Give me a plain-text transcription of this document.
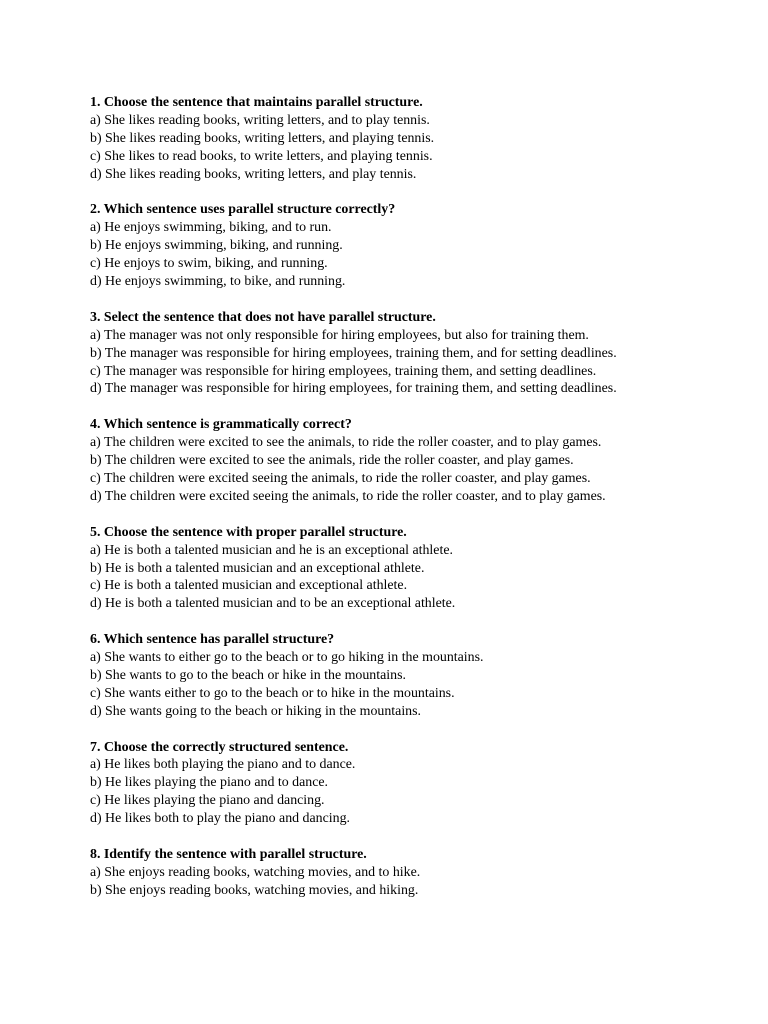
1. Choose the sentence that maintains parallel structure.
a) She likes reading books, writing letters, and to play tennis.
b) She likes reading books, writing letters, and playing tennis.
c) She likes to read books, to write letters, and playing tennis.
d) She likes reading books, writing letters, and play tennis.
2. Which sentence uses parallel structure correctly?
a) He enjoys swimming, biking, and to run.
b) He enjoys swimming, biking, and running.
c) He enjoys to swim, biking, and running.
d) He enjoys swimming, to bike, and running.
3. Select the sentence that does not have parallel structure.
a) The manager was not only responsible for hiring employees, but also for training them.
b) The manager was responsible for hiring employees, training them, and for setting deadlines.
c) The manager was responsible for hiring employees, training them, and setting deadlines.
d) The manager was responsible for hiring employees, for training them, and setting deadlines.
4. Which sentence is grammatically correct?
a) The children were excited to see the animals, to ride the roller coaster, and to play games.
b) The children were excited to see the animals, ride the roller coaster, and play games.
c) The children were excited seeing the animals, to ride the roller coaster, and play games.
d) The children were excited seeing the animals, to ride the roller coaster, and to play games.
5. Choose the sentence with proper parallel structure.
a) He is both a talented musician and he is an exceptional athlete.
b) He is both a talented musician and an exceptional athlete.
c) He is both a talented musician and exceptional athlete.
d) He is both a talented musician and to be an exceptional athlete.
6. Which sentence has parallel structure?
a) She wants to either go to the beach or to go hiking in the mountains.
b) She wants to go to the beach or hike in the mountains.
c) She wants either to go to the beach or to hike in the mountains.
d) She wants going to the beach or hiking in the mountains.
7. Choose the correctly structured sentence.
a) He likes both playing the piano and to dance.
b) He likes playing the piano and to dance.
c) He likes playing the piano and dancing.
d) He likes both to play the piano and dancing.
8. Identify the sentence with parallel structure.
a) She enjoys reading books, watching movies, and to hike.
b) She enjoys reading books, watching movies, and hiking.
